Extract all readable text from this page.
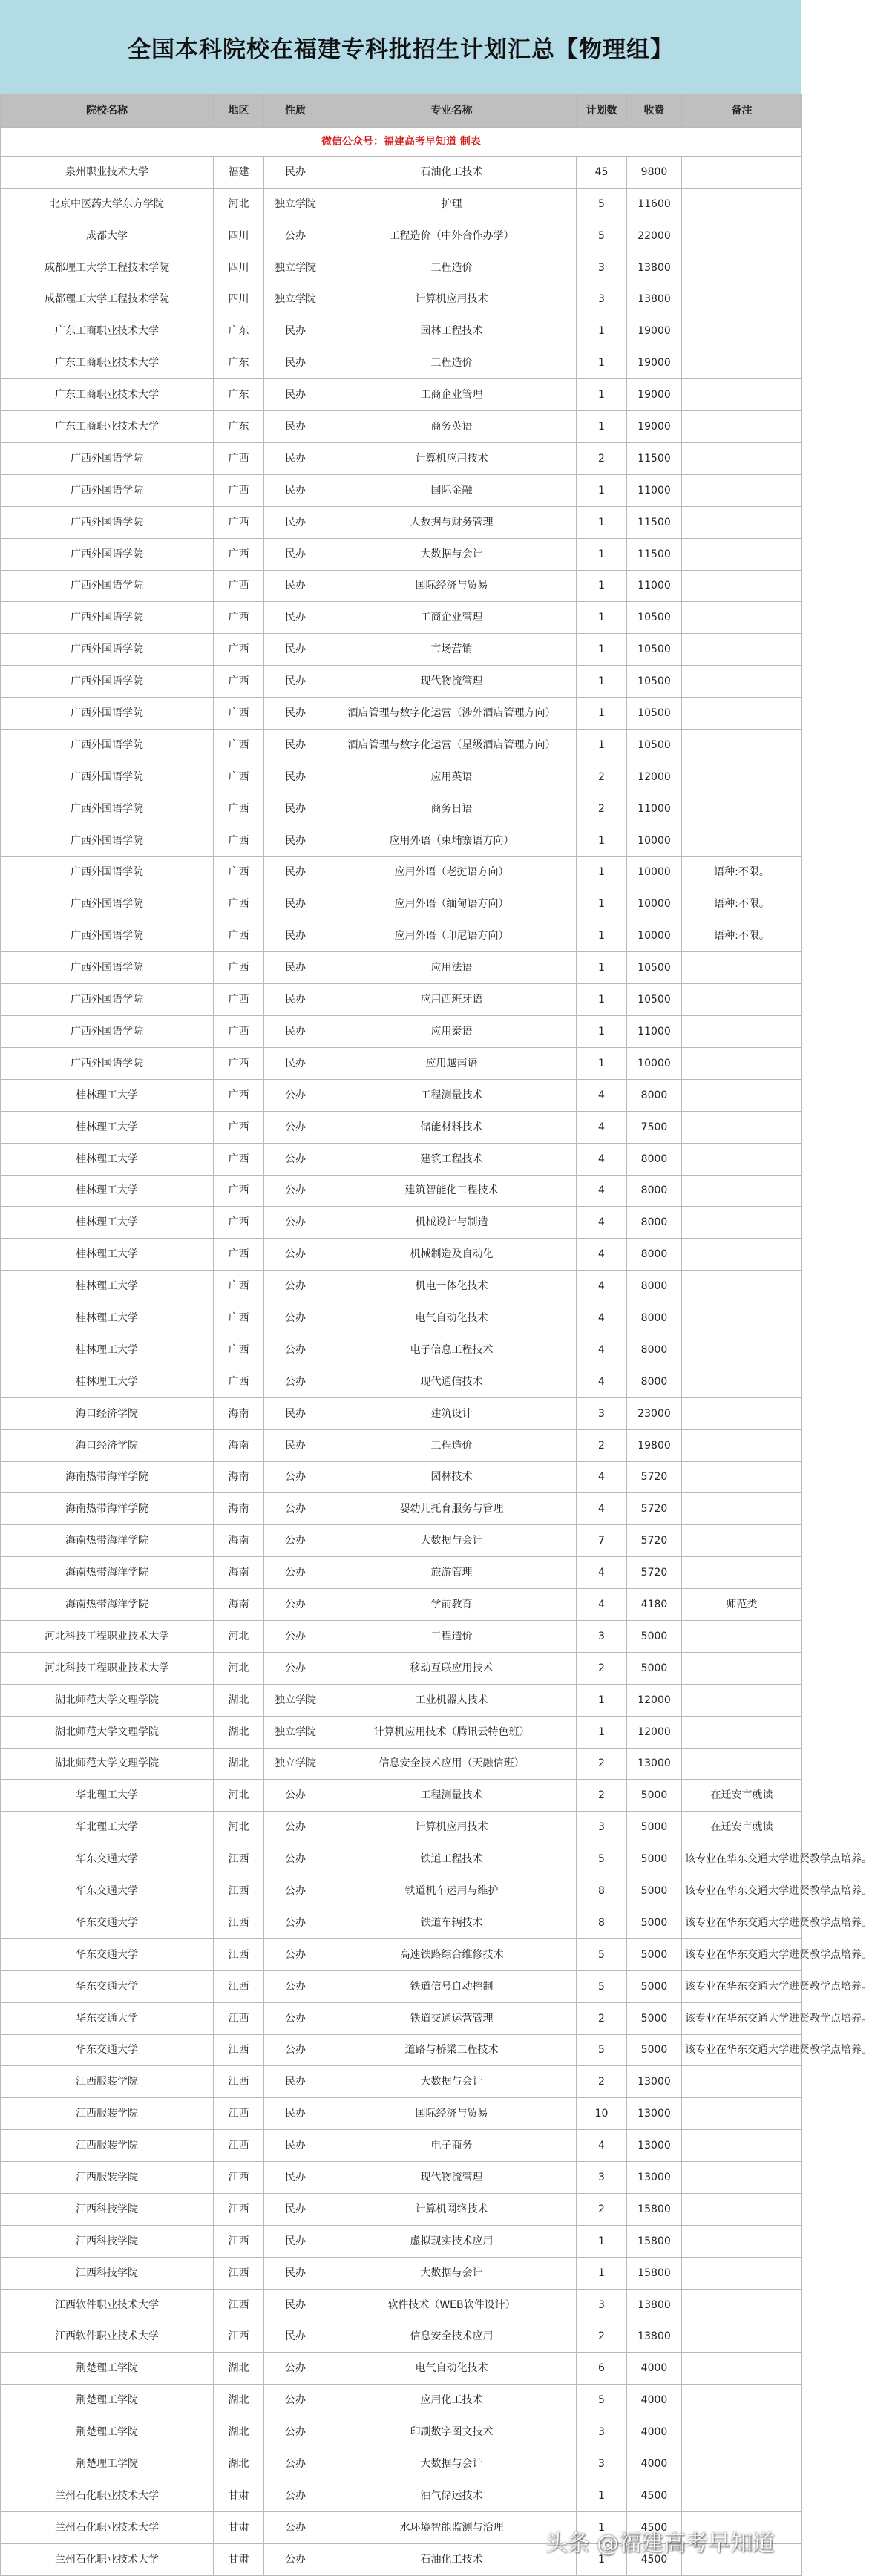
全国本科院校在福建专科批招生计划汇总【物理组】
院校名称	地区	性质	专业名称	计划数	收费	备注
微信公众号：福建高考早知道 制表						
泉州职业技术大学	福建	民办	石油化工技术	45	9800	
北京中医药大学东方学院	河北	独立学院	护理	5	11600	
成都大学	四川	公办	工程造价（中外合作办学）	5	22000	
成都理工大学工程技术学院	四川	独立学院	工程造价	3	13800	
成都理工大学工程技术学院	四川	独立学院	计算机应用技术	3	13800	
广东工商职业技术大学	广东	民办	园林工程技术	1	19000	
广东工商职业技术大学	广东	民办	工程造价	1	19000	
广东工商职业技术大学	广东	民办	工商企业管理	1	19000	
广东工商职业技术大学	广东	民办	商务英语	1	19000	
广西外国语学院	广西	民办	计算机应用技术	2	11500	
广西外国语学院	广西	民办	国际金融	1	11000	
广西外国语学院	广西	民办	大数据与财务管理	1	11500	
广西外国语学院	广西	民办	大数据与会计	1	11500	
广西外国语学院	广西	民办	国际经济与贸易	1	11000	
广西外国语学院	广西	民办	工商企业管理	1	10500	
广西外国语学院	广西	民办	市场营销	1	10500	
广西外国语学院	广西	民办	现代物流管理	1	10500	
广西外国语学院	广西	民办	酒店管理与数字化运营（涉外酒店管理方向）	1	10500	
广西外国语学院	广西	民办	酒店管理与数字化运营（星级酒店管理方向）	1	10500	
广西外国语学院	广西	民办	应用英语	2	12000	
广西外国语学院	广西	民办	商务日语	2	11000	
广西外国语学院	广西	民办	应用外语（柬埔寨语方向）	1	10000	
广西外国语学院	广西	民办	应用外语（老挝语方向）	1	10000	语种:不限。
广西外国语学院	广西	民办	应用外语（缅甸语方向）	1	10000	语种:不限。
广西外国语学院	广西	民办	应用外语（印尼语方向）	1	10000	语种:不限。
广西外国语学院	广西	民办	应用法语	1	10500	
广西外国语学院	广西	民办	应用西班牙语	1	10500	
广西外国语学院	广西	民办	应用泰语	1	11000	
广西外国语学院	广西	民办	应用越南语	1	10000	
桂林理工大学	广西	公办	工程测量技术	4	8000	
桂林理工大学	广西	公办	储能材料技术	4	7500	
桂林理工大学	广西	公办	建筑工程技术	4	8000	
桂林理工大学	广西	公办	建筑智能化工程技术	4	8000	
桂林理工大学	广西	公办	机械设计与制造	4	8000	
桂林理工大学	广西	公办	机械制造及自动化	4	8000	
桂林理工大学	广西	公办	机电一体化技术	4	8000	
桂林理工大学	广西	公办	电气自动化技术	4	8000	
桂林理工大学	广西	公办	电子信息工程技术	4	8000	
桂林理工大学	广西	公办	现代通信技术	4	8000	
海口经济学院	海南	民办	建筑设计	3	23000	
海口经济学院	海南	民办	工程造价	2	19800	
海南热带海洋学院	海南	公办	园林技术	4	5720	
海南热带海洋学院	海南	公办	婴幼儿托育服务与管理	4	5720	
海南热带海洋学院	海南	公办	大数据与会计	7	5720	
海南热带海洋学院	海南	公办	旅游管理	4	5720	
海南热带海洋学院	海南	公办	学前教育	4	4180	师范类
河北科技工程职业技术大学	河北	公办	工程造价	3	5000	
河北科技工程职业技术大学	河北	公办	移动互联应用技术	2	5000	
湖北师范大学文理学院	湖北	独立学院	工业机器人技术	1	12000	
湖北师范大学文理学院	湖北	独立学院	计算机应用技术（腾讯云特色班）	1	12000	
湖北师范大学文理学院	湖北	独立学院	信息安全技术应用（天融信班）	2	13000	
华北理工大学	河北	公办	工程测量技术	2	5000	在迁安市就读
华北理工大学	河北	公办	计算机应用技术	3	5000	在迁安市就读
华东交通大学	江西	公办	铁道工程技术	5	5000	该专业在华东交通大学进贤教学点培养。
华东交通大学	江西	公办	铁道机车运用与维护	8	5000	该专业在华东交通大学进贤教学点培养。
华东交通大学	江西	公办	铁道车辆技术	8	5000	该专业在华东交通大学进贤教学点培养。
华东交通大学	江西	公办	高速铁路综合维修技术	5	5000	该专业在华东交通大学进贤教学点培养。
华东交通大学	江西	公办	铁道信号自动控制	5	5000	该专业在华东交通大学进贤教学点培养。
华东交通大学	江西	公办	铁道交通运营管理	2	5000	该专业在华东交通大学进贤教学点培养。
华东交通大学	江西	公办	道路与桥梁工程技术	5	5000	该专业在华东交通大学进贤教学点培养。
江西服装学院	江西	民办	大数据与会计	2	13000	
江西服装学院	江西	民办	国际经济与贸易	10	13000	
江西服装学院	江西	民办	电子商务	4	13000	
江西服装学院	江西	民办	现代物流管理	3	13000	
江西科技学院	江西	民办	计算机网络技术	2	15800	
江西科技学院	江西	民办	虚拟现实技术应用	1	15800	
江西科技学院	江西	民办	大数据与会计	1	15800	
江西软件职业技术大学	江西	民办	软件技术（WEB软件设计）	3	13800	
江西软件职业技术大学	江西	民办	信息安全技术应用	2	13800	
荆楚理工学院	湖北	公办	电气自动化技术	6	4000	
荆楚理工学院	湖北	公办	应用化工技术	5	4000	
荆楚理工学院	湖北	公办	印刷数字图文技术	3	4000	
荆楚理工学院	湖北	公办	大数据与会计	3	4000	
兰州石化职业技术大学	甘肃	公办	油气储运技术	1	4500	
兰州石化职业技术大学	甘肃	公办	水环境智能监测与治理	1	4500	
兰州石化职业技术大学	甘肃	公办	石油化工技术	1	4500	
头条 @福建高考早知道
